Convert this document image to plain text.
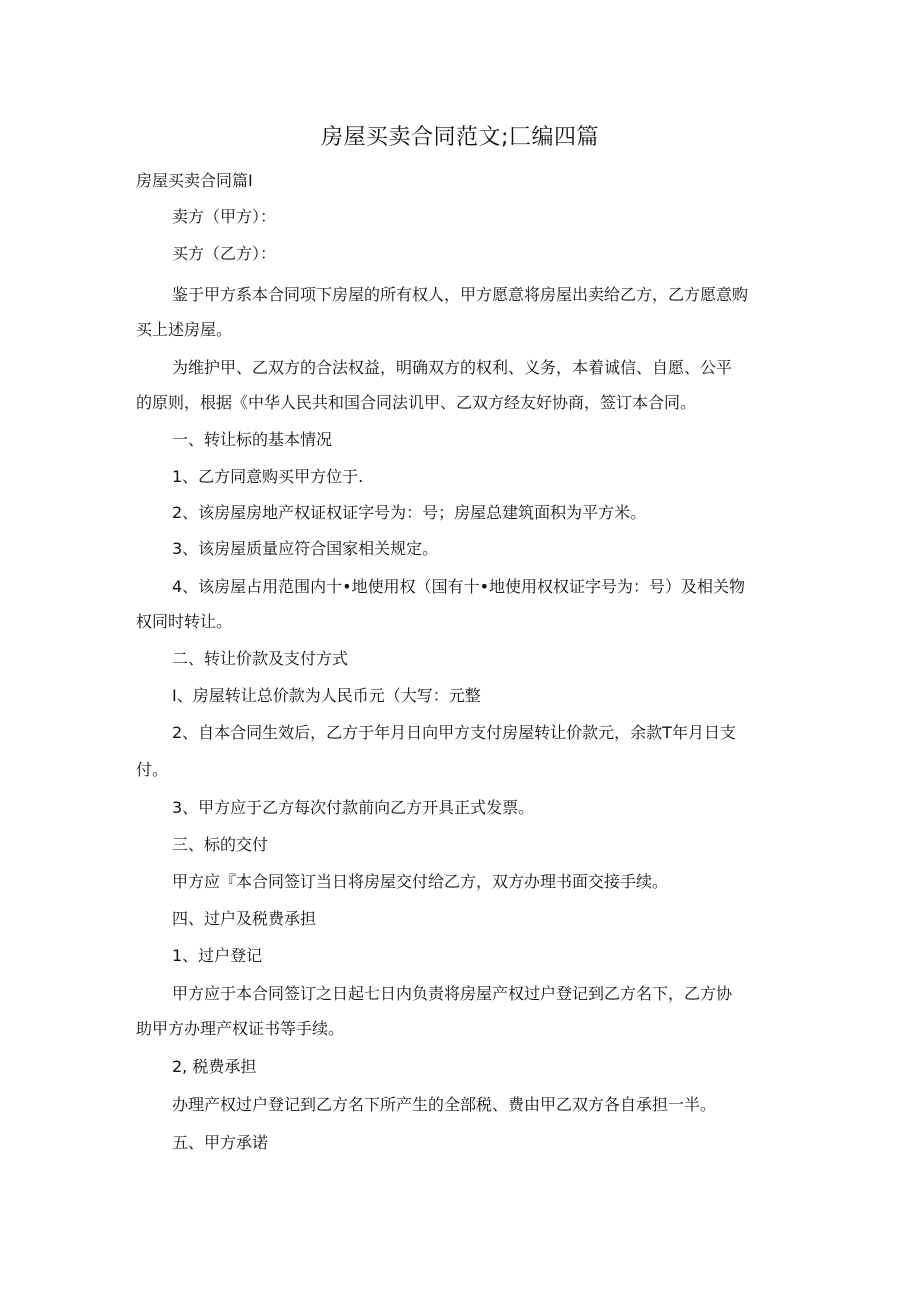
房屋买卖合同范文;匚编四篇

房屋买卖合同篇I

卖方（甲方）：

买方（乙方）：

鉴于甲方系本合同项下房屋的所有权人，甲方愿意将房屋出卖给乙方，乙方愿意购

买上述房屋。

为维护甲、乙双方的合法权益，明确双方的权利、义务，本着诚信、自愿、公平

的原则，根据《中华人民共和国合同法讥甲、乙双方经友好协商，签订本合同。

一、转让标的基本情况

1、乙方同意购买甲方位于.

2、该房屋房地产权证权证字号为：号；房屋总建筑面积为平方米。

3、该房屋质量应符合国家相关规定。

4、该房屋占用范围内十•地使用权（国有十•地使用权权证字号为：号）及相关物

权同时转让。

二、转让价款及支付方式

I、房屋转让总价款为人民币元（大写：元整

2、自本合同生效后，乙方于年月日向甲方支付房屋转让价款元，余款T年月日支

付。

3、甲方应于乙方每次付款前向乙方开具正式发票。

三、标的交付

甲方应『本合同签订当日将房屋交付给乙方，双方办理书面交接手续。

四、过户及税费承担

1、过户登记

甲方应于本合同签订之日起七日内负责将房屋产权过户登记到乙方名下，乙方协

助甲方办理产权证书等手续。

2, 税费承担

办理产权过户登记到乙方名下所产生的全部税、费由甲乙双方各自承担一半。

五、甲方承诺
